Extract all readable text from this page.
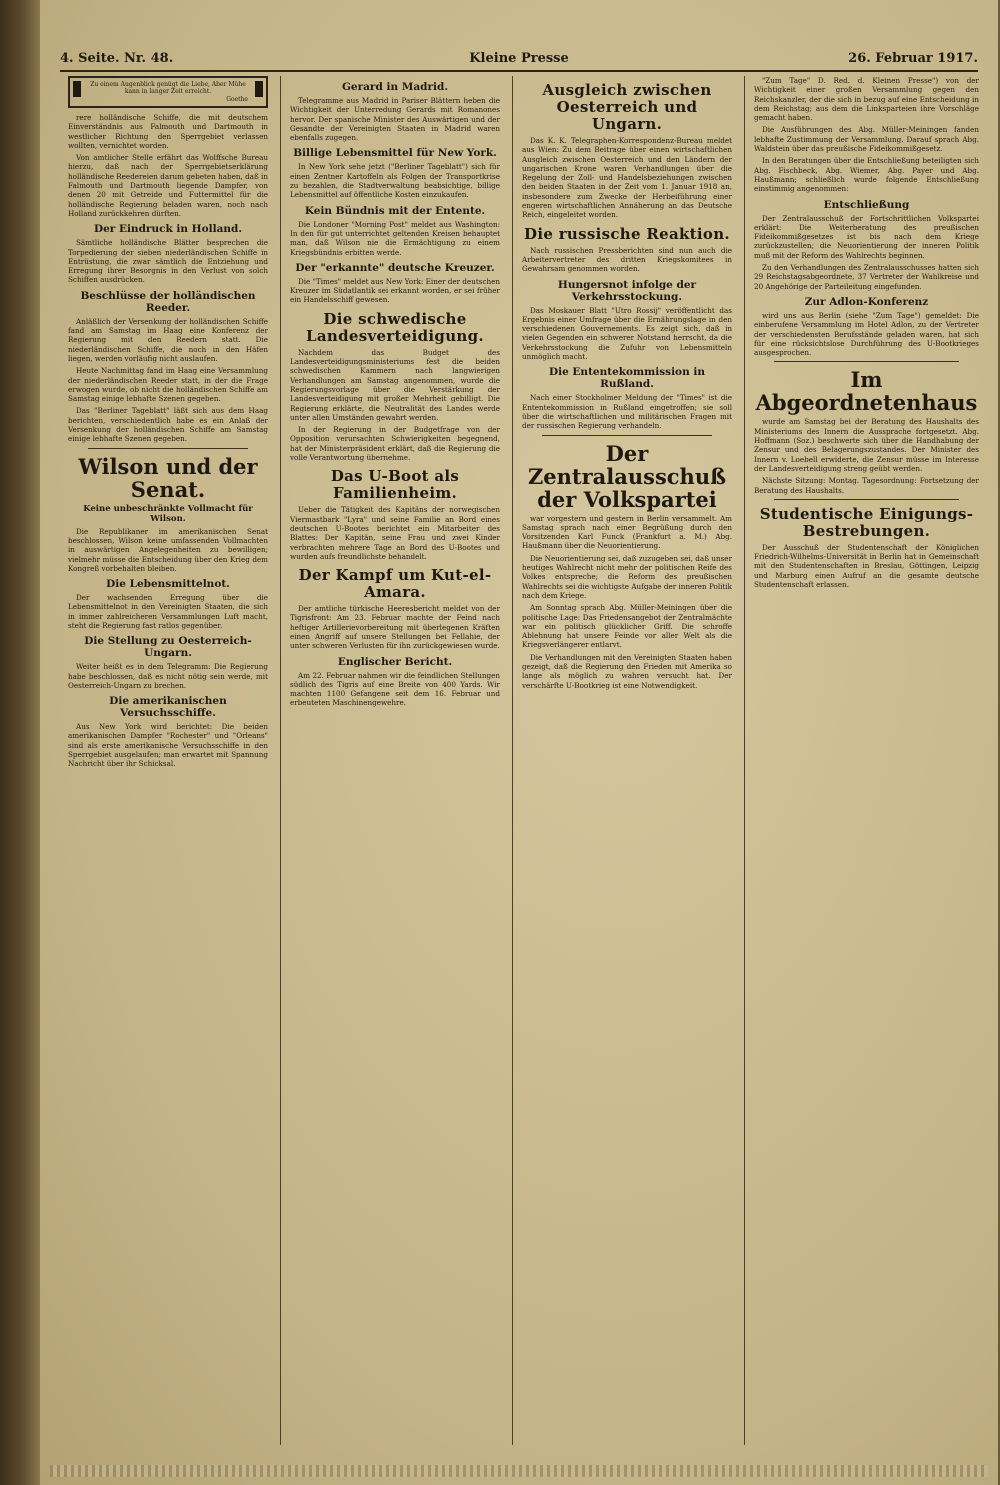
4. Seite. Nr. 48.	Kleine Presse	26. Februar 1917.
Zu einem Augenblick genügt die Liebe, Aber Mühe kann in langer Zeit erreicht.
Goethe

rere holländische Schiffe, die mit deutschem Einverständnis aus Falmouth und Dartmouth in westlicher Richtung den Sperrgebiet verlassen wollten, vernichtet worden.

Von amtlicher Stelle erfährt das Wolffsche Bureau hierzu, daß nach der Sperrgebietserklärung holländische Reedereien darum gebeten haben, daß in Falmouth und Dartmouth liegende Dampfer, von denen 20 mit Getreide und Futtermittel für die holländische Regierung beladen waren, noch nach Holland zurückkehren dürften.

Der Eindruck in Holland.

Sämtliche holländische Blätter besprechen die Torpedierung der sieben niederländischen Schiffe in Entrüstung, die zwar sämtlich die Entziehung und Erregung ihrer Besorgnis in den Verlust von solch Schiffen ausdrücken.

Beschlüsse der holländischen Reeder.

Anläßlich der Versenkung der holländischen Schiffe fand am Samstag im Haag eine Konferenz der Regierung mit den Reedern statt. Die niederländischen Schiffe, die noch in den Häfen liegen, werden vorläufig nicht auslaufen.

Heute Nachmittag fand im Haag eine Versammlung der niederländischen Reeder statt, in der die Frage erwogen wurde, ob nicht die holländischen Schiffe am Samstag einige lebhafte Szenen gegeben.

Das "Berliner Tageblatt" läßt sich aus dem Haag berichten, verschiedentlich habe es ein Anlaß der Versenkung der holländischen Schiffe am Samstag einige lebhafte Szenen gegeben.

Wilson und der Senat.
Keine unbeschränkte Vollmacht für Wilson.

Die Republikaner im amerikanischen Senat beschlossen, Wilson keine umfassenden Vollmachten in auswärtigen Angelegenheiten zu bewilligen; vielmehr müsse die Entscheidung über den Krieg dem Kongreß vorbehalten bleiben.

Die Lebensmittelnot.

Der wachsenden Erregung über die Lebensmittelnot in den Vereinigten Staaten, die sich in immer zahlreicheren Versammlungen Luft macht, steht die Regierung fast ratlos gegenüber.

Die Stellung zu Oesterreich-Ungarn.

Weiter heißt es in dem Telegramm: Die Regierung habe beschlossen, daß es nicht nötig sein werde, mit Oesterreich-Ungarn zu brechen.

Die amerikanischen Versuchsschiffe.

Aus New York wird berichtet: Die beiden amerikanischen Dampfer "Rochester" und "Orleans" sind als erste amerikanische Versuchsschiffe in den Sperrgebiet ausgelaufen; man erwartet mit Spannung Nachricht über ihr Schicksal.

Gerard in Madrid.

Telegramme aus Madrid in Pariser Blättern heben die Wichtigkeit der Unterredung Gerards mit Romanones hervor. Der spanische Minister des Auswärtigen und der Gesandte der Vereinigten Staaten in Madrid waren ebenfalls zugegen.

Billige Lebensmittel für New York.

In New York sehe jetzt ("Berliner Tageblatt") sich für einen Zentner Kartoffeln als Folgen der Transportkrise zu bezahlen, die Stadtverwaltung beabsichtige, billige Lebensmittel auf öffentliche Kosten einzukaufen.

Kein Bündnis mit der Entente.

Die Londoner "Morning Post" meldet aus Washington: In den für gut unterrichtet geltenden Kreisen behauptet man, daß Wilson nie die Ermächtigung zu einem Kriegsbündnis erbitten werde.

Der "erkannte" deutsche Kreuzer.

Die "Times" meldet aus New York: Einer der deutschen Kreuzer im Südatlantik sei erkannt worden, er sei früher ein Handelsschiff gewesen.

Die schwedische Landesverteidigung.

Nachdem das Budget des Landesverteidigungsministeriums fest die beiden schwedischen Kammern nach langwierigen Verhandlungen am Samstag angenommen, wurde die Regierungsvorlage über die Verstärkung der Landesverteidigung mit großer Mehrheit gebilligt. Die Regierung erklärte, die Neutralität des Landes werde unter allen Umständen gewahrt werden.

In der Regierung in der Budgetfrage von der Opposition verursachten Schwierigkeiten begegnend, hat der Ministerpräsident erklärt, daß die Regierung die volle Verantwortung übernehme.

Das U-Boot als Familienheim.

Ueber die Tätigkeit des Kapitäns der norwegischen Viermastbark "Lyra" und seine Familie an Bord eines deutschen U-Bootes berichtet ein Mitarbeiter des Blattes: Der Kapitän, seine Frau und zwei Kinder verbrachten mehrere Tage an Bord des U-Bootes und wurden aufs freundlichste behandelt.

Der Kampf um Kut-el-Amara.

Der amtliche türkische Heeresbericht meldet von der Tigrisfront: Am 23. Februar machte der Feind nach heftiger Artillerievorbereitung mit überlegenen Kräften einen Angriff auf unsere Stellungen bei Fellahie, der unter schweren Verlusten für ihn zurückgewiesen wurde.

Englischer Bericht.

Am 22. Februar nahmen wir die feindlichen Stellungen südlich des Tigris auf eine Breite von 400 Yards. Wir machten 1100 Gefangene seit dem 16. Februar und erbeuteten Maschinengewehre.

Ausgleich zwischen Oesterreich und Ungarn.

Das K. K. Telegraphen-Korrespondenz-Bureau meldet aus Wien: Zu dem Beitrage über einen wirtschaftlichen Ausgleich zwischen Oesterreich und den Ländern der ungarischen Krone waren Verhandlungen über die Regelung der Zoll- und Handelsbeziehungen zwischen den beiden Staaten in der Zeit vom 1. Januar 1918 an, insbesondere zum Zwecke der Herbeiführung einer engeren wirtschaftlichen Annäherung an das Deutsche Reich, eingeleitet worden.

Die russische Reaktion.

Nach russischen Pressberichten sind nun auch die Arbeitervertreter des dritten Kriegskomitees in Gewahrsam genommen worden.

Hungersnot infolge der Verkehrsstockung.

Das Moskauer Blatt "Utro Rossij" veröffentlicht das Ergebnis einer Umfrage über die Ernährungslage in den verschiedenen Gouvernements. Es zeigt sich, daß in vielen Gegenden ein schwerer Notstand herrscht, da die Verkehrsstockung die Zufuhr von Lebensmitteln unmöglich macht.

Die Ententekommission in Rußland.

Nach einer Stockholmer Meldung der "Times" ist die Ententekommission in Rußland eingetroffen; sie soll über die wirtschaftlichen und militärischen Fragen mit der russischen Regierung verhandeln.

Der Zentralausschuß der Volkspartei

war vorgestern und gestern in Berlin versammelt. Am Samstag sprach nach einer Begrüßung durch den Vorsitzenden Karl Funck (Frankfurt a. M.) Abg. Haußmann über die Neuorientierung.

Die Neuorientierung sei, daß zuzugeben sei, daß unser heutiges Wahlrecht nicht mehr der politischen Reife des Volkes entspreche; die Reform des preußischen Wahlrechts sei die wichtigste Aufgabe der inneren Politik nach dem Kriege.

Am Sonntag sprach Abg. Müller-Meiningen über die politische Lage: Das Friedensangebot der Zentralmächte war ein politisch glücklicher Griff. Die schroffe Ablehnung hat unsere Feinde vor aller Welt als die Kriegsverlängerer entlarvt.

Die Verhandlungen mit den Vereinigten Staaten haben gezeigt, daß die Regierung den Frieden mit Amerika so lange als möglich zu wahren versucht hat. Der verschärfte U-Bootkrieg ist eine Notwendigkeit.

"Zum Tage" D. Red. d. Kleinen Presse") von der Wichtigkeit einer großen Versammlung gegen den Reichskanzler, der die sich in bezug auf eine Entscheidung in dem Reichstag; aus dem die Linksparteien ihre Vorschläge gemacht haben.

Die Ausführungen des Abg. Müller-Meiningen fanden lebhafte Zustimmung der Versammlung. Darauf sprach Abg. Waldstein über das preußische Fideikommißgesetz.

In den Beratungen über die Entschließung beteiligten sich Abg. Fischbeck, Abg. Wiemer, Abg. Payer und Abg. Haußmann; schließlich wurde folgende Entschließung einstimmig angenommen:

Entschließung

Der Zentralausschuß der Fortschrittlichen Volkspartei erklärt: Die Weiterberatung des preußischen Fideikommißgesetzes ist bis nach dem Kriege zurückzustellen; die Neuorientierung der inneren Politik muß mit der Reform des Wahlrechts beginnen.

Zu den Verhandlungen des Zentralausschusses hatten sich 29 Reichstagsabgeordnete, 37 Vertreter der Wahlkreise und 20 Angehörige der Parteileitung eingefunden.

Zur Adlon-Konferenz

wird uns aus Berlin (siehe "Zum Tage") gemeldet: Die einberufene Versammlung im Hotel Adlon, zu der Vertreter der verschiedensten Berufsstände geladen waren, hat sich für eine rücksichtslose Durchführung des U-Bootkrieges ausgesprochen.

Im Abgeordnetenhaus

wurde am Samstag bei der Beratung des Haushalts des Ministeriums des Innern die Aussprache fortgesetzt. Abg. Hoffmann (Soz.) beschwerte sich über die Handhabung der Zensur und des Belagerungszustandes. Der Minister des Innern v. Loebell erwiderte, die Zensur müsse im Interesse der Landesverteidigung streng geübt werden.

Nächste Sitzung: Montag. Tagesordnung: Fortsetzung der Beratung des Haushalts.

Studentische Einigungs-Bestrebungen.

Der Ausschuß der Studentenschaft der Königlichen Friedrich-Wilhelms-Universität in Berlin hat in Gemeinschaft mit den Studentenschaften in Breslau, Göttingen, Leipzig und Marburg einen Aufruf an die gesamte deutsche Studentenschaft erlassen.
